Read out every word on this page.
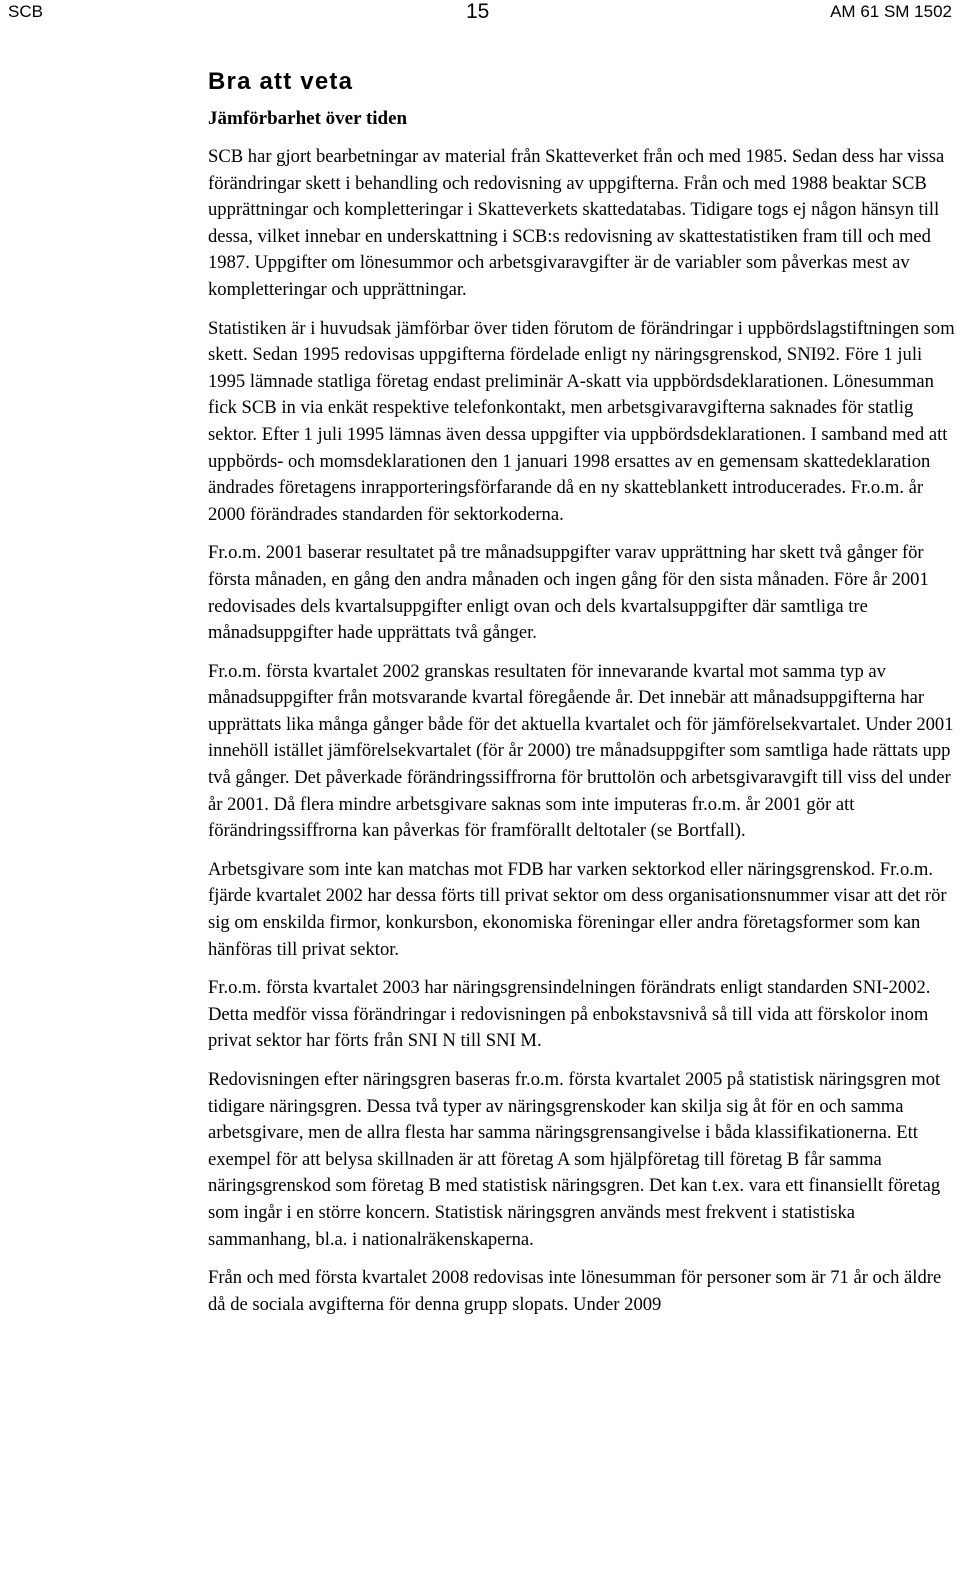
SCB	15	AM 61 SM 1502
Bra att veta
Jämförbarhet över tiden

SCB har gjort bearbetningar av material från Skatteverket från och med 1985. Sedan dess har vissa förändringar skett i behandling och redovisning av uppgifterna. Från och med 1988 beaktar SCB upprättningar och kompletteringar i Skatteverkets skattedatabas. Tidigare togs ej någon hänsyn till dessa, vilket innebar en underskattning i SCB:s redovisning av skattestatistiken fram till och med 1987. Uppgifter om lönesummor och arbetsgivaravgifter är de variabler som påverkas mest av kompletteringar och upprättningar.

Statistiken är i huvudsak jämförbar över tiden förutom de förändringar i uppbördslagstiftningen som skett. Sedan 1995 redovisas uppgifterna fördelade enligt ny näringsgrenskod, SNI92. Före 1 juli 1995 lämnade statliga företag endast preliminär A-skatt via uppbördsdeklarationen. Lönesumman fick SCB in via enkät respektive telefonkontakt, men arbetsgivaravgifterna saknades för statlig sektor. Efter 1 juli 1995 lämnas även dessa uppgifter via uppbördsdeklarationen. I samband med att uppbörds- och momsdeklarationen den 1 januari 1998 ersattes av en gemensam skattedeklaration ändrades företagens inrapporteringsförfarande då en ny skatteblankett introducerades. Fr.o.m. år 2000 förändrades standarden för sektorkoderna.

Fr.o.m. 2001 baserar resultatet på tre månadsuppgifter varav upprättning har skett två gånger för första månaden, en gång den andra månaden och ingen gång för den sista månaden. Före år 2001 redovisades dels kvartalsuppgifter enligt ovan och dels kvartalsuppgifter där samtliga tre månadsuppgifter hade upprättats två gånger.

Fr.o.m. första kvartalet 2002 granskas resultaten för innevarande kvartal mot samma typ av månadsuppgifter från motsvarande kvartal föregående år. Det innebär att månadsuppgifterna har upprättats lika många gånger både för det aktuella kvartalet och för jämförelsekvartalet. Under 2001 innehöll istället jämförelsekvartalet (för år 2000) tre månadsuppgifter som samtliga hade rättats upp två gånger. Det påverkade förändringssiffrorna för bruttolön och arbetsgivaravgift till viss del under år 2001. Då flera mindre arbetsgivare saknas som inte imputeras fr.o.m. år 2001 gör att förändringssiffrorna kan påverkas för framförallt deltotaler (se Bortfall).

Arbetsgivare som inte kan matchas mot FDB har varken sektorkod eller näringsgrenskod. Fr.o.m. fjärde kvartalet 2002 har dessa förts till privat sektor om dess organisationsnummer visar att det rör sig om enskilda firmor, konkursbon, ekonomiska föreningar eller andra företagsformer som kan hänföras till privat sektor.

Fr.o.m. första kvartalet 2003 har näringsgrensindelningen förändrats enligt standarden SNI-2002. Detta medför vissa förändringar i redovisningen på enbokstavsnivå så till vida att förskolor inom privat sektor har förts från SNI N till SNI M.

Redovisningen efter näringsgren baseras fr.o.m. första kvartalet 2005 på statistisk näringsgren mot tidigare näringsgren. Dessa två typer av näringsgrenskoder kan skilja sig åt för en och samma arbetsgivare, men de allra flesta har samma näringsgrensangivelse i båda klassifikationerna. Ett exempel för att belysa skillnaden är att företag A som hjälpföretag till företag B får samma näringsgrenskod som företag B med statistisk näringsgren. Det kan t.ex. vara ett finansiellt företag som ingår i en större koncern. Statistisk näringsgren används mest frekvent i statistiska sammanhang, bl.a. i nationalräkenskaperna.

Från och med första kvartalet 2008 redovisas inte lönesumman för personer som är 71 år och äldre då de sociala avgifterna för denna grupp slopats. Under 2009
